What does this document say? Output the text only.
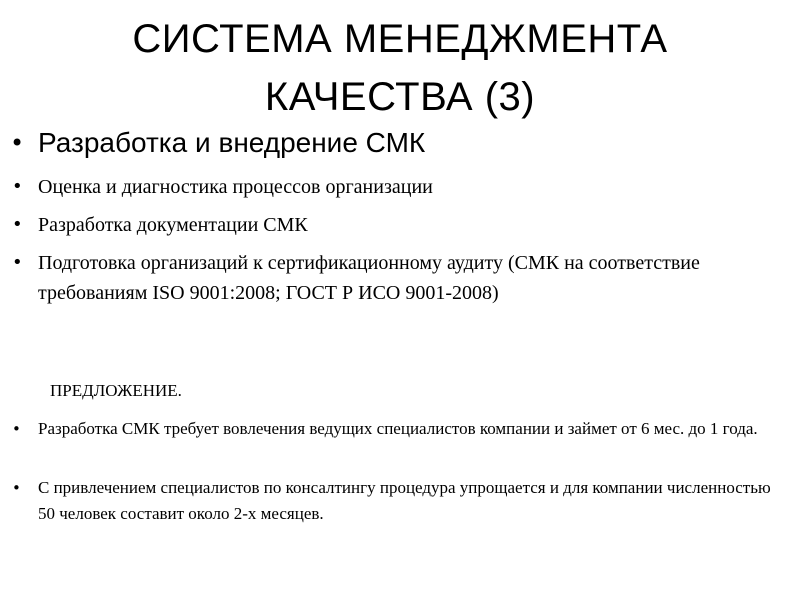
СИСТЕМА МЕНЕДЖМЕНТА
КАЧЕСТВА (3)
• Разработка и внедрение СМК
• Оценка и диагностика процессов организации
• Разработка документации СМК
• Подготовка организаций к сертификационному аудиту (СМК на соответствие требованиям ISO 9001:2008; ГОСТ Р ИСО 9001-2008)
ПРЕДЛОЖЕНИЕ.
• Разработка СМК требует вовлечения ведущих специалистов компании и займет от 6 мес. до 1 года.
• С привлечением специалистов по консалтингу процедура упрощается и для компании численностью 50 человек составит около 2-х месяцев.
